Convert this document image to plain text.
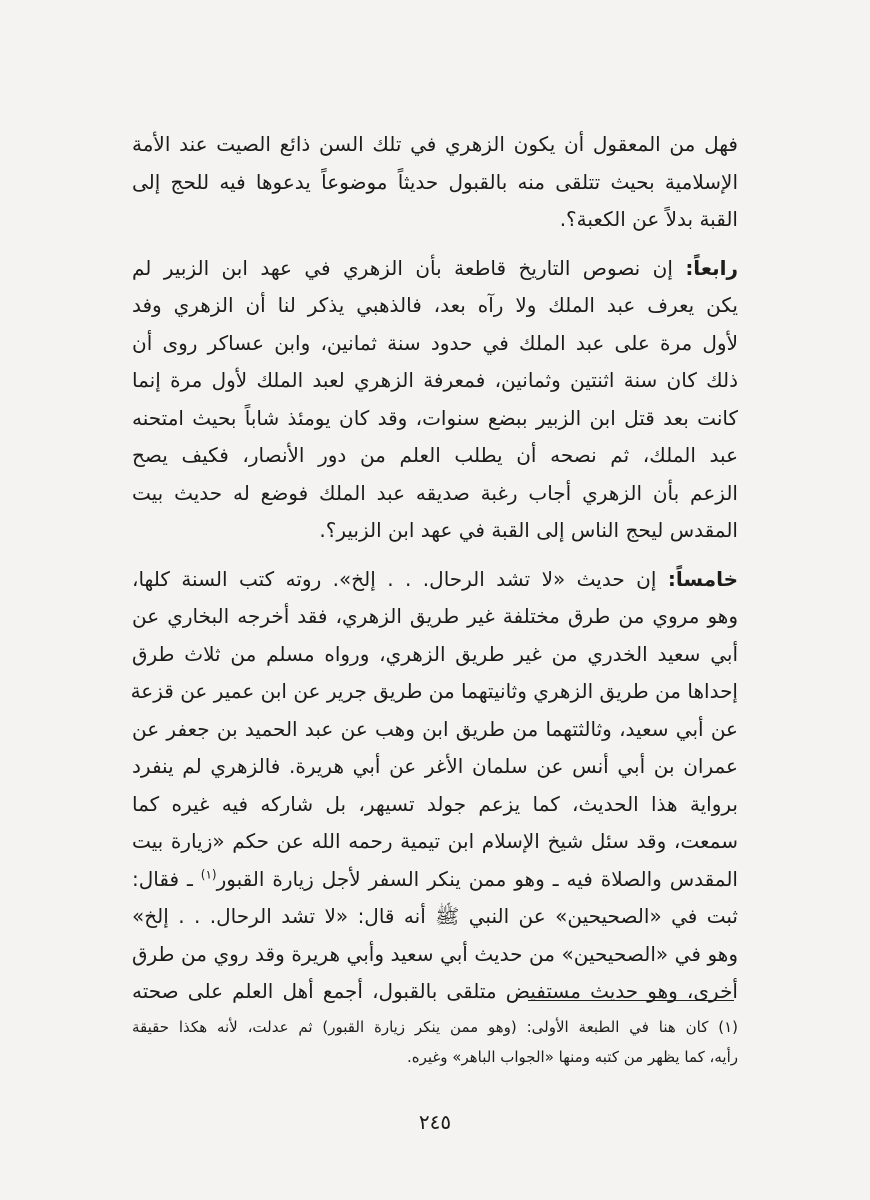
فهل من المعقول أن يكون الزهري في تلك السن ذائع الصيت عند الأمة
الإسلامية بحيث تتلقى منه بالقبول حديثاً موضوعاً يدعوها فيه للحج إلى
القبة بدلاً عن الكعبة؟.

رابعاً: إن نصوص التاريخ قاطعة بأن الزهري في عهد ابن الزبير لم
يكن يعرف عبد الملك ولا رآه بعد، فالذهبي يذكر لنا أن الزهري وفد
لأول مرة على عبد الملك في حدود سنة ثمانين، وابن عساكر روى أن
ذلك كان سنة اثنتين وثمانين، فمعرفة الزهري لعبد الملك لأول مرة إنما
كانت بعد قتل ابن الزبير ببضع سنوات، وقد كان يومئذ شاباً بحيث امتحنه
عبد الملك، ثم نصحه أن يطلب العلم من دور الأنصار، فكيف يصح
الزعم بأن الزهري أجاب رغبة صديقه عبد الملك فوضع له حديث بيت
المقدس ليحج الناس إلى القبة في عهد ابن الزبير؟.

خامساً: إن حديث «لا تشد الرحال. . . إلخ». روته كتب السنة كلها،
وهو مروي من طرق مختلفة غير طريق الزهري، فقد أخرجه البخاري عن
أبي سعيد الخدري من غير طريق الزهري، ورواه مسلم من ثلاث طرق
إحداها من طريق الزهري وثانيتهما من طريق جرير عن ابن عمير عن قزعة
عن أبي سعيد، وثالثتهما من طريق ابن وهب عن عبد الحميد بن جعفر عن
عمران بن أبي أنس عن سلمان الأغر عن أبي هريرة. فالزهري لم ينفرد
برواية هذا الحديث، كما يزعم جولد تسيهر، بل شاركه فيه غيره كما
سمعت، وقد سئل شيخ الإسلام ابن تيمية رحمه الله عن حكم «زيارة بيت
المقدس والصلاة فيه ـ وهو ممن ينكر السفر لأجل زيارة القبور$^{(١)}$ ـ فقال:
ثبت في «الصحيحين» عن النبي ﷺ أنه قال: «لا تشد الرحال. . . إلخ»
وهو في «الصحيحين» من حديث أبي سعيد وأبي هريرة وقد روي من طرق
أخرى، وهو حديث مستفيض متلقى بالقبول، أجمع أهل العلم على صحته

(١) كان هنا في الطبعة الأولى: (وهو ممن ينكر زيارة القبور) ثم عدلت، لأنه هكذا حقيقة
رأيه، كما يظهر من كتبه ومنها «الجواب الباهر» وغيره.
٢٤٥
